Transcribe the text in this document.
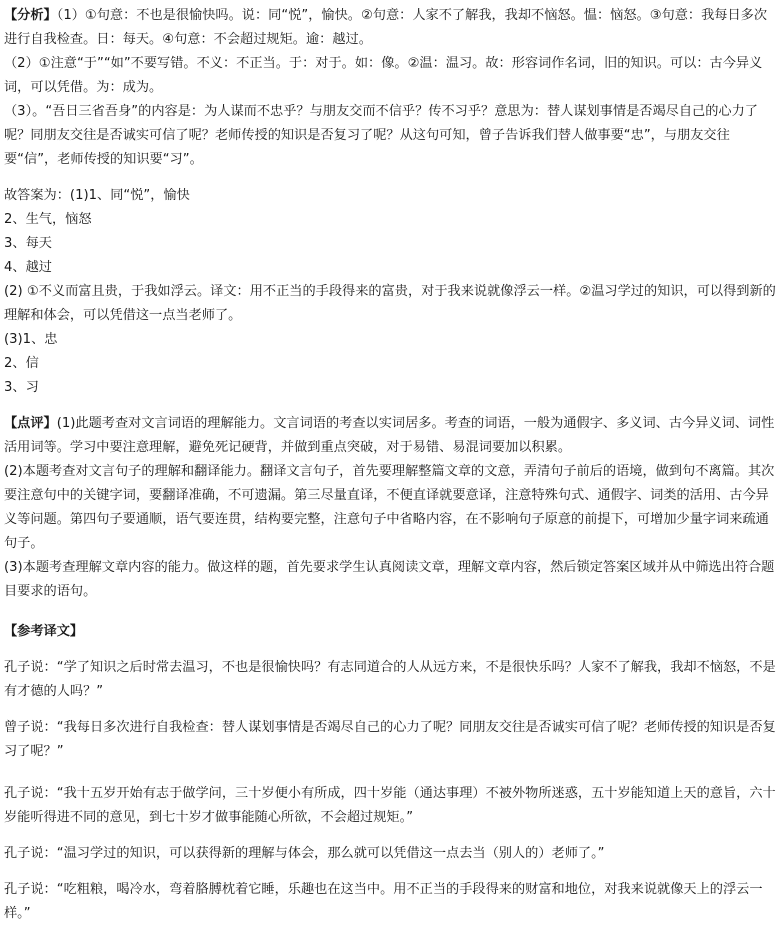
【分析】（1）①句意：不也是很愉快吗。说：同“悦”，愉快。②句意：人家不了解我，我却不恼怒。愠：恼怒。③句意：我每日多次进行自我检查。日：每天。④句意：不会超过规矩。逾：越过。
（2）①注意“于”“如”不要写错。不义：不正当。于：对于。如：像。②温：温习。故：形容词作名词，旧的知识。可以：古今异义词，可以凭借。为：成为。
（3）。“吾日三省吾身”的内容是：为人谋而不忠乎？与朋友交而不信乎？传不习乎？意思为：替人谋划事情是否竭尽自己的心力了呢？同朋友交往是否诚实可信了呢？老师传授的知识是否复习了呢？从这句可知，曾子告诉我们替人做事要“忠”，与朋友交往要“信”，老师传授的知识要“习”。
故答案为：(1)1、同“悦”，愉快
2、生气，恼怒
3、每天
4、越过
(2) ①不义而富且贵，于我如浮云。译文：用不正当的手段得来的富贵，对于我来说就像浮云一样。②温习学过的知识，可以得到新的理解和体会，可以凭借这一点当老师了。
(3)1、忠
2、信
3、习
【点评】(1)此题考查对文言词语的理解能力。文言词语的考查以实词居多。考查的词语，一般为通假字、多义词、古今异义词、词性活用词等。学习中要注意理解，避免死记硬背，并做到重点突破，对于易错、易混词要加以积累。
(2)本题考查对文言句子的理解和翻译能力。翻译文言句子，首先要理解整篇文章的文意，弄清句子前后的语境，做到句不离篇。其次要注意句中的关键字词，要翻译准确，不可遗漏。第三尽量直译，不便直译就要意译，注意特殊句式、通假字、词类的活用、古今异义等问题。第四句子要通顺，语气要连贯，结构要完整，注意句子中省略内容，在不影响句子原意的前提下，可增加少量字词来疏通句子。
(3)本题考查理解文章内容的能力。做这样的题，首先要求学生认真阅读文章，理解文章内容，然后锁定答案区域并从中筛选出符合题目要求的语句。
【参考译文】
孔子说：“学了知识之后时常去温习，不也是很愉快吗？有志同道合的人从远方来，不是很快乐吗？人家不了解我，我却不恼怒，不是有才德的人吗？”
曾子说：“我每日多次进行自我检查：替人谋划事情是否竭尽自己的心力了呢？同朋友交往是否诚实可信了呢？老师传授的知识是否复习了呢？”
孔子说：“我十五岁开始有志于做学问，三十岁便小有所成，四十岁能（通达事理）不被外物所迷惑，五十岁能知道上天的意旨，六十岁能听得进不同的意见，到七十岁才做事能随心所欲，不会超过规矩。”
孔子说：“温习学过的知识，可以获得新的理解与体会，那么就可以凭借这一点去当（别人的）老师了。”
孔子说：“吃粗粮，喝冷水，弯着胳膊枕着它睡，乐趣也在这当中。用不正当的手段得来的财富和地位，对我来说就像天上的浮云一样。”
